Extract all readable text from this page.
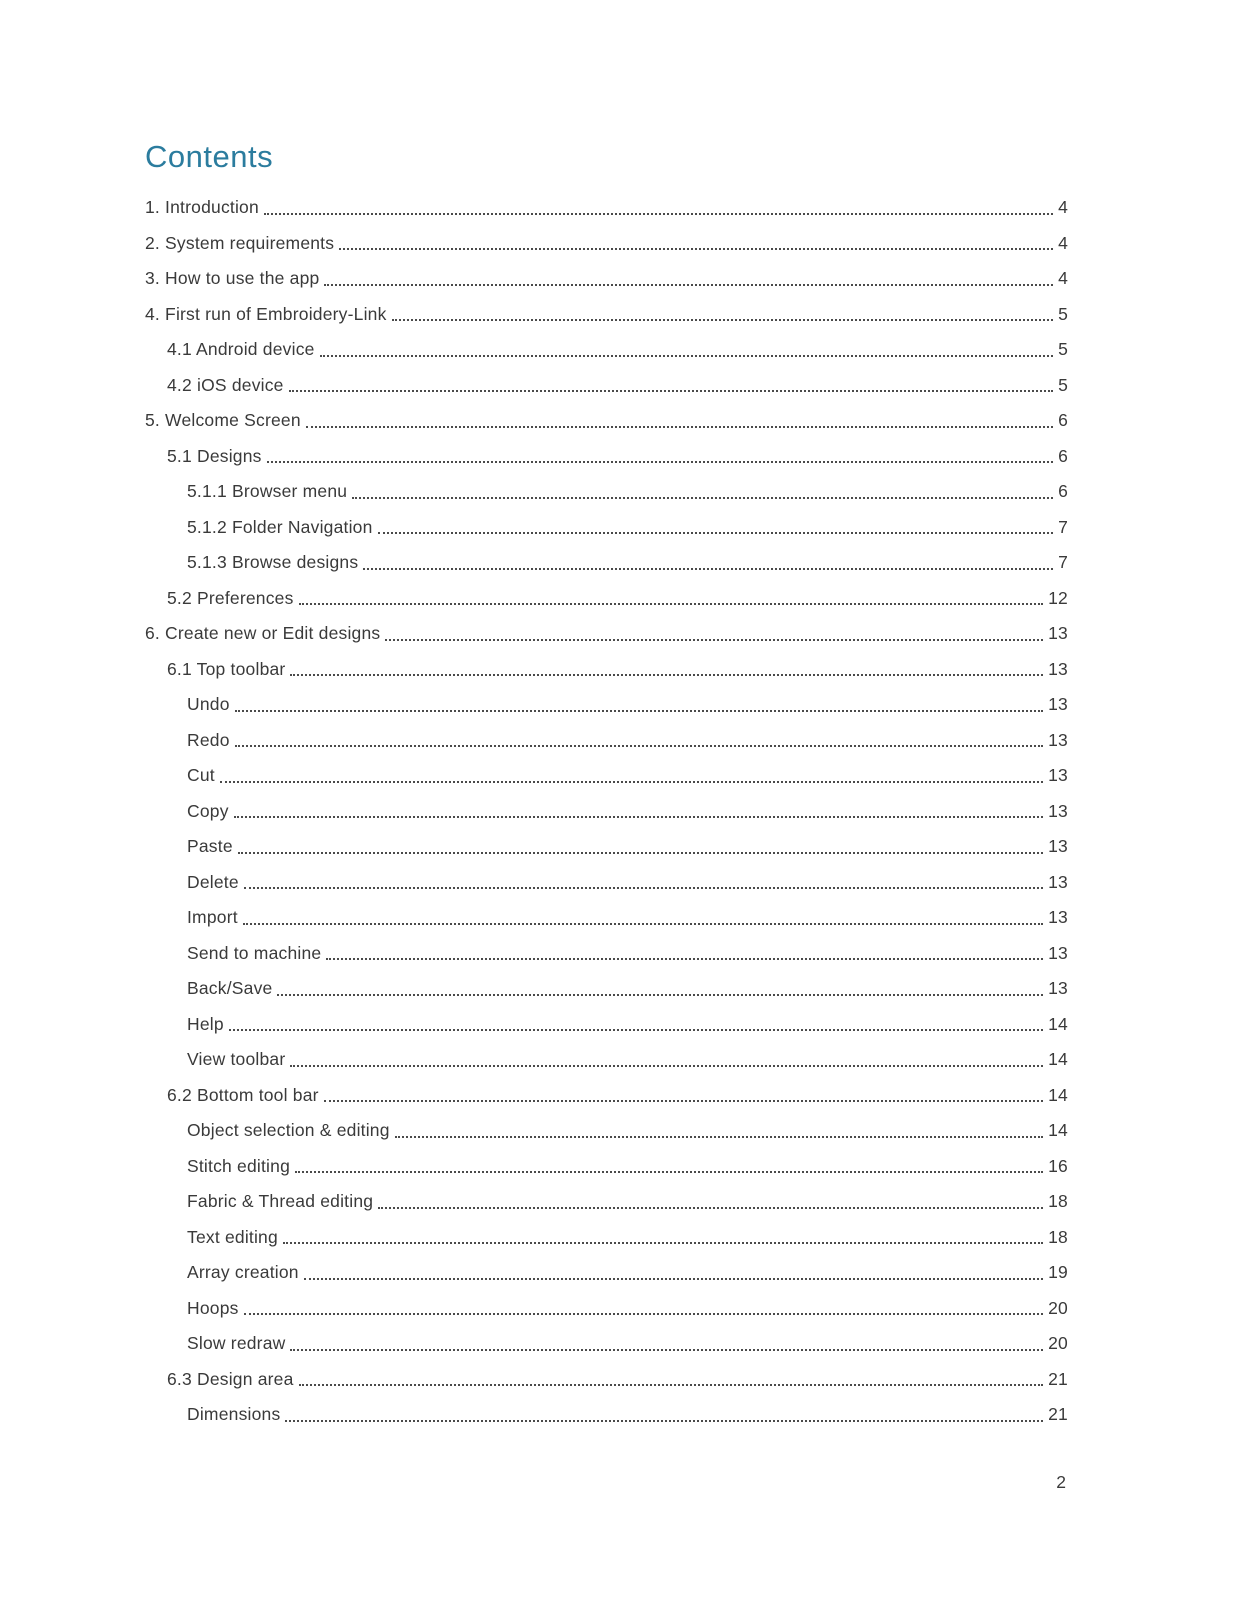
Contents
1. Introduction	4
2. System requirements	4
3. How to use the app	4
4. First run of Embroidery-Link	5
4.1 Android device	5
4.2 iOS device	5
5. Welcome Screen	6
5.1 Designs	6
5.1.1 Browser menu	6
5.1.2 Folder Navigation	7
5.1.3 Browse designs	7
5.2 Preferences	12
6. Create new or Edit designs	13
6.1 Top toolbar	13
Undo	13
Redo	13
Cut	13
Copy	13
Paste	13
Delete	13
Import	13
Send to machine	13
Back/Save	13
Help	14
View toolbar	14
6.2 Bottom tool bar	14
Object selection & editing	14
Stitch editing	16
Fabric & Thread editing	18
Text editing	18
Array creation	19
Hoops	20
Slow redraw	20
6.3 Design area	21
Dimensions	21
2
